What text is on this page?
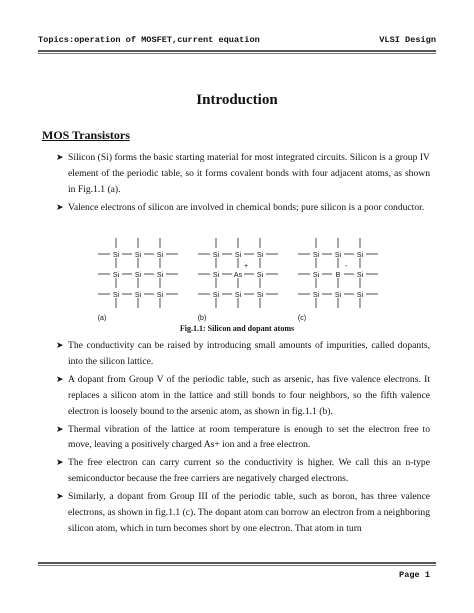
Topics:operation of MOSFET,current equation	VLSI Design
Introduction
MOS Transistors
➤ Silicon (Si) forms the basic starting material for most integrated circuits. Silicon is a group IV element of the periodic table, so it forms covalent bonds with four adjacent atoms, as shown in Fig.1.1 (a).
➤ Valence electrons of silicon are involved in chemical bonds; pure silicon is a poor conductor.
Si Si Si
Si Si Si
Si Si Si
(a)
Si Si Si
Si As Si
Si Si Si
+
(b)
Si Si Si
Si B Si
Si Si Si
-
(c)
Fig.1.1: Silicon and dopant atoms
➤ The conductivity can be raised by introducing small amounts of impurities, called dopants, into the silicon lattice.
➤ A dopant from Group V of the periodic table, such as arsenic, has five valence electrons. It replaces a silicon atom in the lattice and still bonds to four neighbors, so the fifth valence electron is loosely bound to the arsenic atom, as shown in fig.1.1 (b).
➤ Thermal vibration of the lattice at room temperature is enough to set the electron free to move, leaving a positively charged As+ ion and a free electron.
➤ The free electron can carry current so the conductivity is higher. We call this an n-type semiconductor because the free carriers are negatively charged electrons.
➤ Similarly, a dopant from Group III of the periodic table, such as boron, has three valence electrons, as shown in fig.1.1 (c). The dopant atom can borrow an electron from a neighboring silicon atom, which in turn becomes short by one electron. That atom in turn
Page 1
